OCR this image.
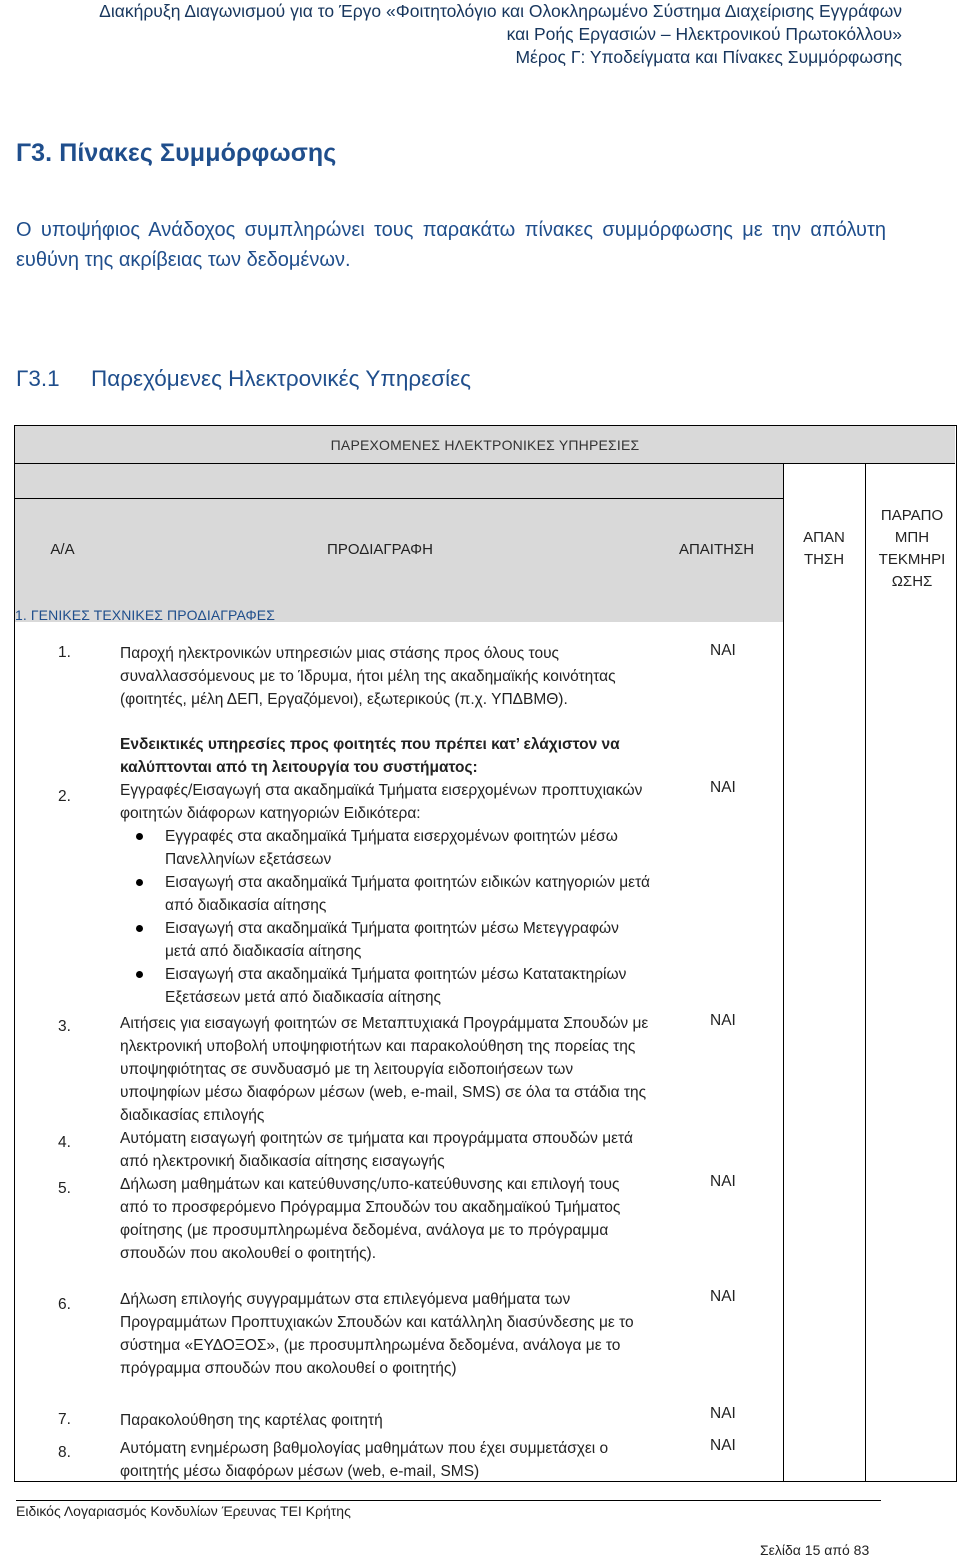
Διακήρυξη Διαγωνισμού για το Έργο «Φοιτητολόγιο και Ολοκληρωμένο Σύστημα Διαχείρισης Εγγράφων
και Ροής Εργασιών – Ηλεκτρονικού Πρωτοκόλλου»
Μέρος Γ: Υποδείγματα και Πίνακες Συμμόρφωσης
Γ3. Πίνακες Συμμόρφωσης
Ο υποψήφιος Ανάδοχος συμπληρώνει τους παρακάτω πίνακες συμμόρφωσης με την απόλυτη ευθύνη της ακρίβειας των δεδομένων.
Γ3.1 Παρεχόμενες Ηλεκτρονικές Υπηρεσίες
ΠΑΡΕΧΟΜΕΝΕΣ ΗΛΕΚΤΡΟΝΙΚΕΣ ΥΠΗΡΕΣΙΕΣ
Α/Α	ΠΡΟΔΙΑΓΡΑΦΗ	ΑΠΑΙΤΗΣΗ
ΑΠΑΝ ΤΗΣΗ
ΠΑΡΑΠΟ ΜΠΗ ΤΕΚΜΗΡΙ ΩΣΗΣ
1. ΓΕΝΙΚΕΣ ΤΕΧΝΙΚΕΣ ΠΡΟΔΙΑΓΡΑΦΕΣ
1.	Παροχή ηλεκτρονικών υπηρεσιών μιας στάσης προς όλους τους συναλλασσόμενους με το Ίδρυμα, ήτοι μέλη της ακαδημαϊκής κοινότητας (φοιτητές, μέλη ΔΕΠ, Εργαζόμενοι), εξωτερικούς (π.χ. ΥΠΔΒΜΘ).
ΝΑΙ
Ενδεικτικές υπηρεσίες προς φοιτητές που πρέπει κατ’ ελάχιστον να καλύπτονται από τη λειτουργία του συστήματος:
2.	Εγγραφές/Εισαγωγή στα ακαδημαϊκά Τμήματα εισερχομένων προπτυχιακών φοιτητών διάφορων κατηγοριών Ειδικότερα:
Εγγραφές στα ακαδημαϊκά Τμήματα εισερχομένων φοιτητών μέσω Πανελληνίων εξετάσεων
Εισαγωγή στα ακαδημαϊκά Τμήματα φοιτητών ειδικών κατηγοριών μετά από διαδικασία αίτησης
Εισαγωγή στα ακαδημαϊκά Τμήματα φοιτητών μέσω Μετεγγραφών μετά από διαδικασία αίτησης
Εισαγωγή στα ακαδημαϊκά Τμήματα φοιτητών μέσω Κατατακτηρίων Εξετάσεων μετά από διαδικασία αίτησης
ΝΑΙ
3.	Αιτήσεις για εισαγωγή φοιτητών σε Μεταπτυχιακά Προγράμματα Σπουδών με ηλεκτρονική υποβολή υποψηφιοτήτων και παρακολούθηση της πορείας της υποψηφιότητας σε συνδυασμό με τη λειτουργία ειδοποιήσεων των υποψηφίων μέσω διαφόρων μέσων (web, e-mail, SMS) σε όλα τα στάδια της διαδικασίας επιλογής
ΝΑΙ
4.	Αυτόματη εισαγωγή φοιτητών σε τμήματα και προγράμματα σπουδών μετά από ηλεκτρονική διαδικασία αίτησης εισαγωγής
5.	Δήλωση μαθημάτων και κατεύθυνσης/υπο-κατεύθυνσης και επιλογή τους από το προσφερόμενο Πρόγραμμα Σπουδών του ακαδημαϊκού Τμήματος φοίτησης (με προσυμπληρωμένα δεδομένα, ανάλογα με το πρόγραμμα σπουδών που ακολουθεί ο φοιτητής).
ΝΑΙ
6.	Δήλωση επιλογής συγγραμμάτων στα επιλεγόμενα μαθήματα των Προγραμμάτων Προπτυχιακών Σπουδών και κατάλληλη διασύνδεσης με το σύστημα «ΕΥΔΟΞΟΣ», (με προσυμπληρωμένα δεδομένα, ανάλογα με το πρόγραμμα σπουδών που ακολουθεί ο φοιτητής)
ΝΑΙ
7.	Παρακολούθηση της καρτέλας φοιτητή	ΝΑΙ
8.	Αυτόματη ενημέρωση βαθμολογίας μαθημάτων που έχει συμμετάσχει ο φοιτητής μέσω διαφόρων μέσων (web, e-mail, SMS)
ΝΑΙ
Ειδικός Λογαριασμός Κονδυλίων Έρευνας ΤΕΙ Κρήτης
Σελίδα 15 από 83
